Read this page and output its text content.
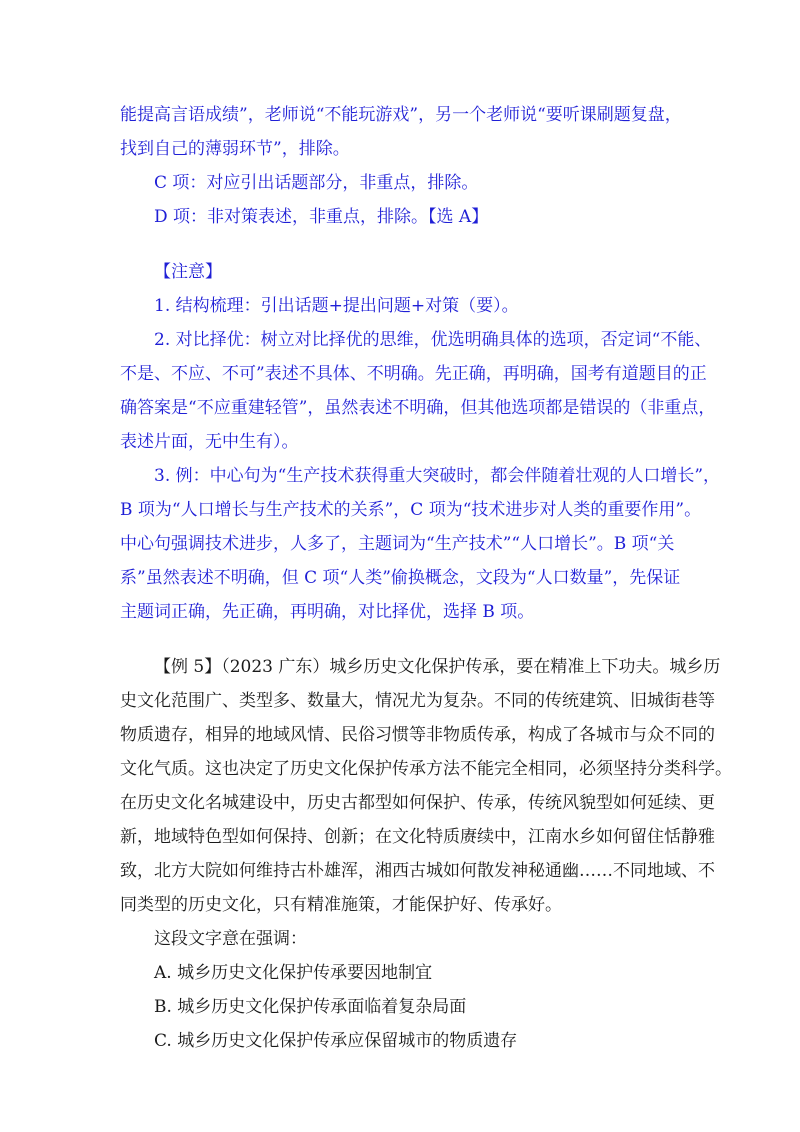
能提高言语成绩”，老师说“不能玩游戏”，另一个老师说“要听课刷题复盘，
找到自己的薄弱环节”，排除。
C 项：对应引出话题部分，非重点，排除。
D 项：非对策表述，非重点，排除。【选 A】
【注意】
1. 结构梳理：引出话题+提出问题+对策（要）。
2. 对比择优：树立对比择优的思维，优选明确具体的选项，否定词“不能、
不是、不应、不可”表述不具体、不明确。先正确，再明确，国考有道题目的正
确答案是“不应重建轻管”，虽然表述不明确，但其他选项都是错误的（非重点，
表述片面，无中生有）。
3. 例：中心句为“生产技术获得重大突破时，都会伴随着壮观的人口增长”，
B 项为“人口增长与生产技术的关系”，C 项为“技术进步对人类的重要作用”。
中心句强调技术进步，人多了，主题词为“生产技术”“人口增长”。B 项“关
系”虽然表述不明确，但 C 项“人类”偷换概念，文段为“人口数量”，先保证
主题词正确，先正确，再明确，对比择优，选择 B 项。
【例 5】（2023 广东）城乡历史文化保护传承，要在精准上下功夫。城乡历
史文化范围广、类型多、数量大，情况尤为复杂。不同的传统建筑、旧城街巷等
物质遗存，相异的地域风情、民俗习惯等非物质传承，构成了各城市与众不同的
文化气质。这也决定了历史文化保护传承方法不能完全相同，必须坚持分类科学。
在历史文化名城建设中，历史古都型如何保护、传承，传统风貌型如何延续、更
新，地域特色型如何保持、创新；在文化特质赓续中，江南水乡如何留住恬静雅
致，北方大院如何维持古朴雄浑，湘西古城如何散发神秘通幽……不同地域、不
同类型的历史文化，只有精准施策，才能保护好、传承好。
这段文字意在强调：
A. 城乡历史文化保护传承要因地制宜
B. 城乡历史文化保护传承面临着复杂局面
C. 城乡历史文化保护传承应保留城市的物质遗存
